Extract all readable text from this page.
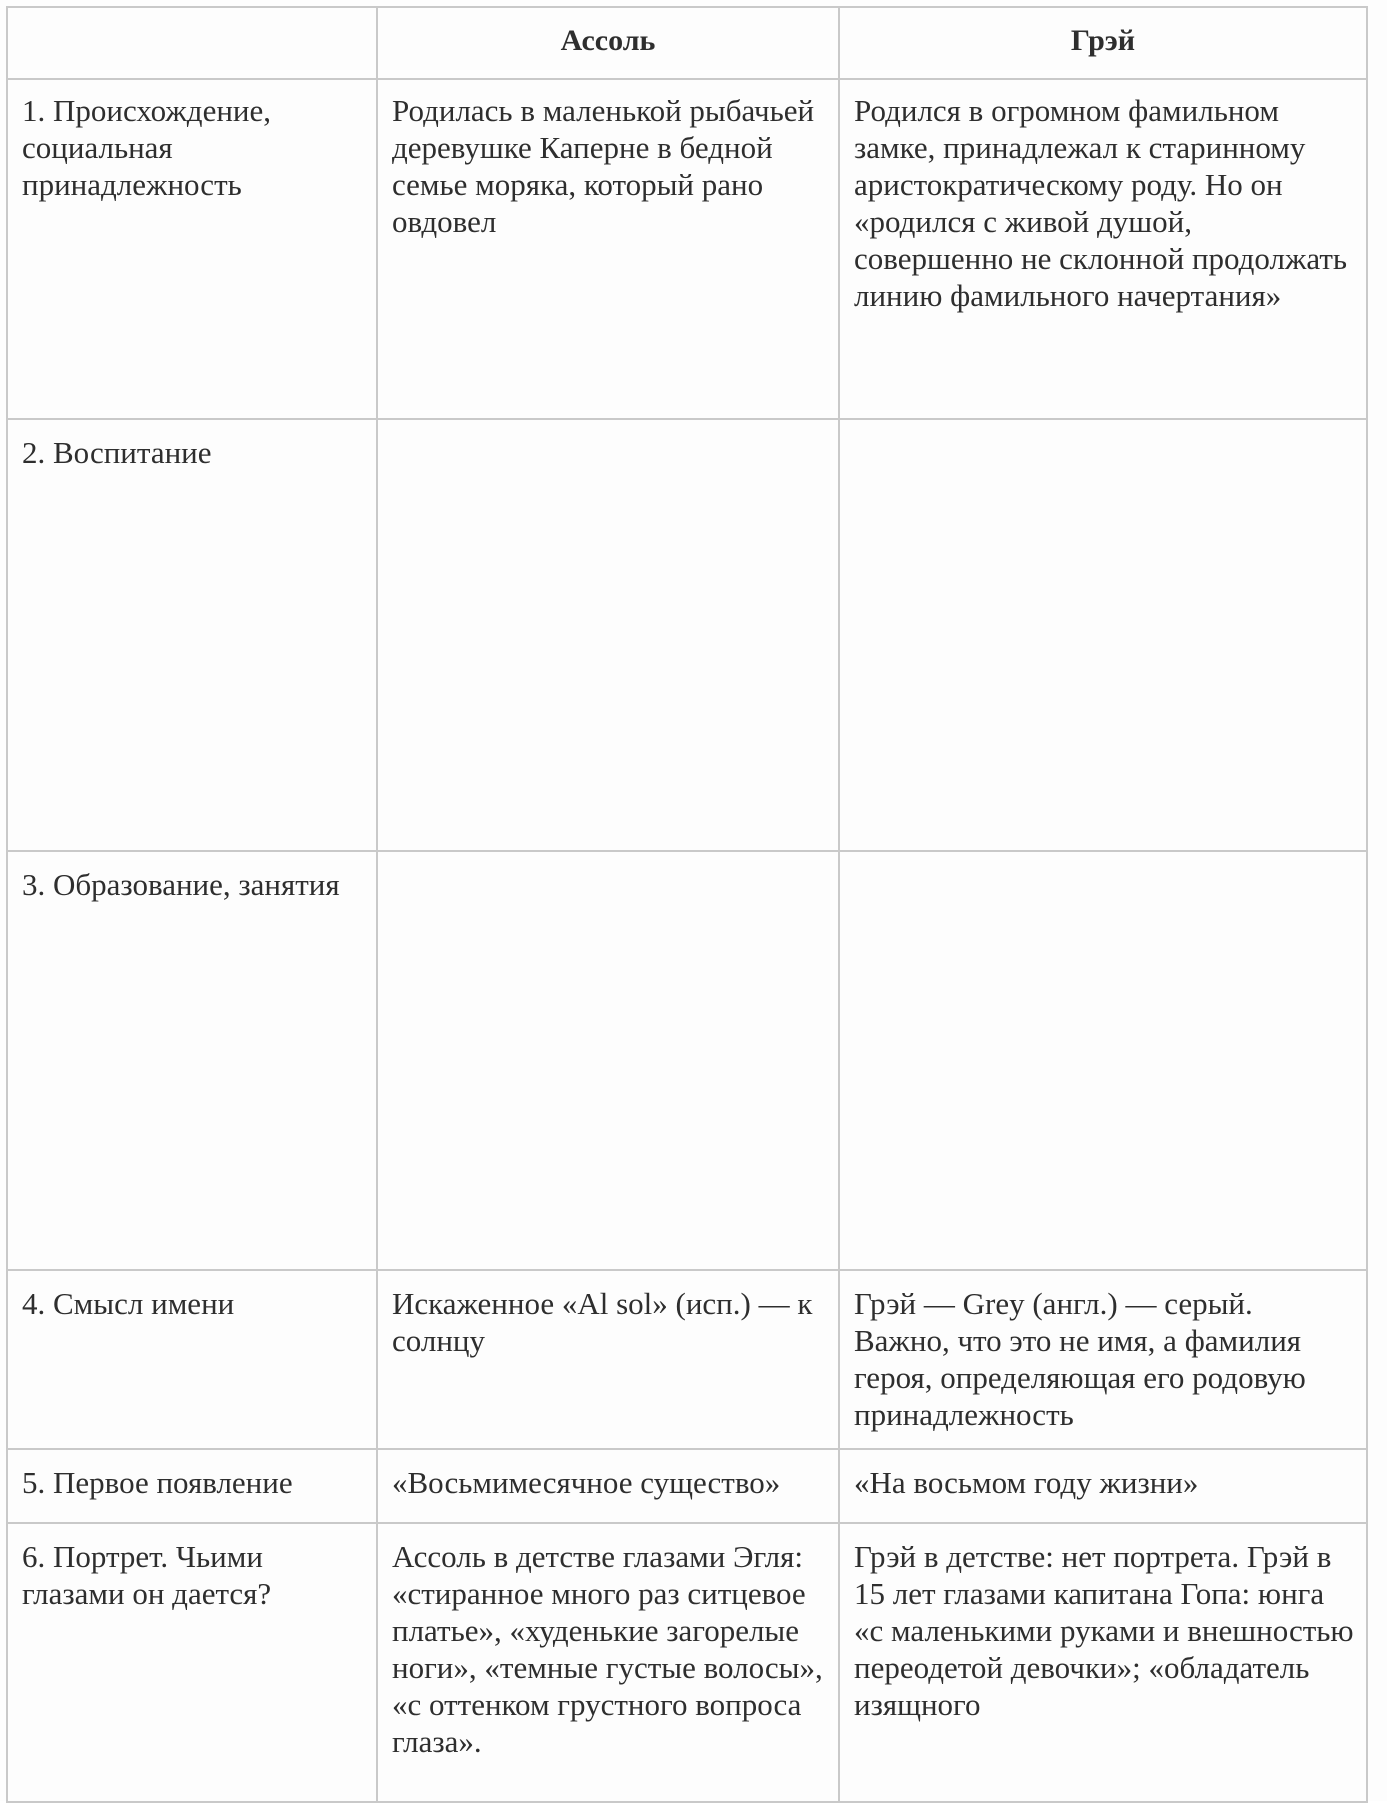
	Ассоль	Грэй

1. Происхождение, социальная принадлежность	Родилась в маленькой рыбачьей деревушке Каперне в бедной семье моряка, который рано овдовел	Родился в огромном фамильном замке, принадлежал к старинному аристократическому роду. Но он «родился с живой душой, совершенно не склонной продолжать линию фамильного начертания»

2. Воспитание		

3. Образование, занятия		

4. Смысл имени	Искаженное «Al sol» (исп.) — к солнцу	Грэй — Grey (англ.) — серый. Важно, что это не имя, а фамилия героя, определяющая его родовую принадлежность

5. Первое появление	«Восьмимесячное существо»	«На восьмом году жизни»

6. Портрет. Чьими глазами он дается?	Ассоль в детстве глазами Эгля: «стиранное много раз ситцевое платье», «худенькие загорелые ноги», «темные густые волосы», «с оттенком грустного вопроса глаза».	Грэй в детстве: нет портрета. Грэй в 15 лет глазами капитана Гопа: юнга «с маленькими руками и внешностью переодетой девочки»; «обладатель изящного
